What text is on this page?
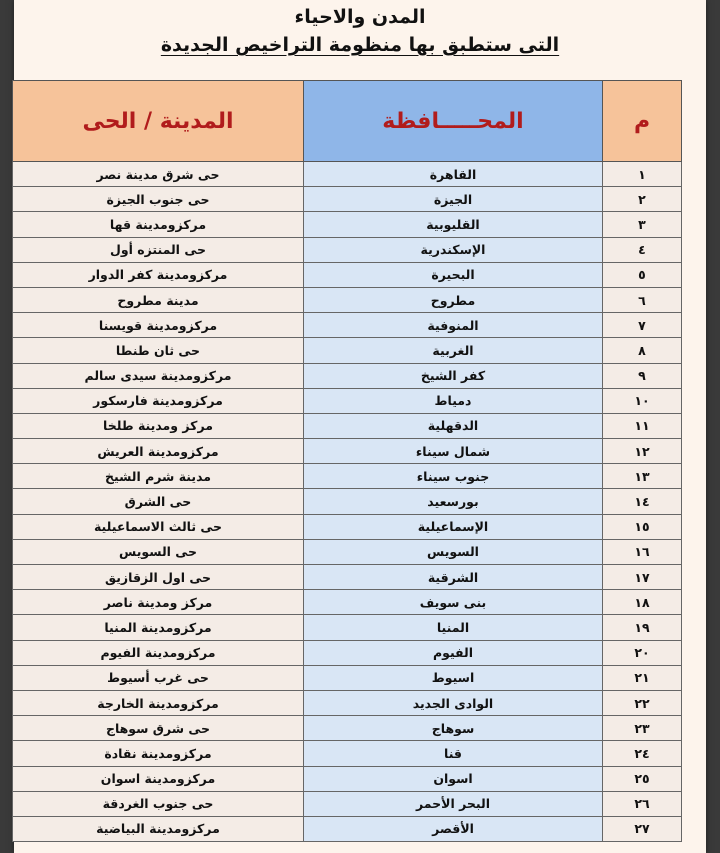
المدن والاحياء
التى ستطبق بها منظومة التراخيص الجديدة
م	المحـــــافظة	المدينة / الحى
١	القاهرة	حى شرق مدينة نصر
٢	الجيزة	حى جنوب الجيزة
٣	القليوبية	مركزومدينة قها
٤	الإسكندرية	حى المنتزه أول
٥	البحيرة	مركزومدينة كفر الدوار
٦	مطروح	مدينة مطروح
٧	المنوفية	مركزومدينة قويسنا
٨	الغربية	حى ثان طنطا
٩	كفر الشيخ	مركزومدينة سيدى سالم
١٠	دمياط	مركزومدينة فارسكور
١١	الدقهلية	مركز ومدينة طلخا
١٢	شمال سيناء	مركزومدينة العريش
١٣	جنوب سيناء	مدينة شرم الشيخ
١٤	بورسعيد	حى الشرق
١٥	الإسماعيلية	حى ثالث الاسماعيلية
١٦	السويس	حى السويس
١٧	الشرقية	حى اول الزقازيق
١٨	بنى سويف	مركز ومدينة ناصر
١٩	المنيا	مركزومدينة المنيا
٢٠	الفيوم	مركزومدينة الفيوم
٢١	اسيوط	حى غرب أسيوط
٢٢	الوادى الجديد	مركزومدينة الخارجة
٢٣	سوهاج	حى شرق سوهاج
٢٤	قنا	مركزومدينة نقادة
٢٥	اسوان	مركزومدينة اسوان
٢٦	البحر الأحمر	حى جنوب الغردقة
٢٧	الأقصر	مركزومدينة البياضية
